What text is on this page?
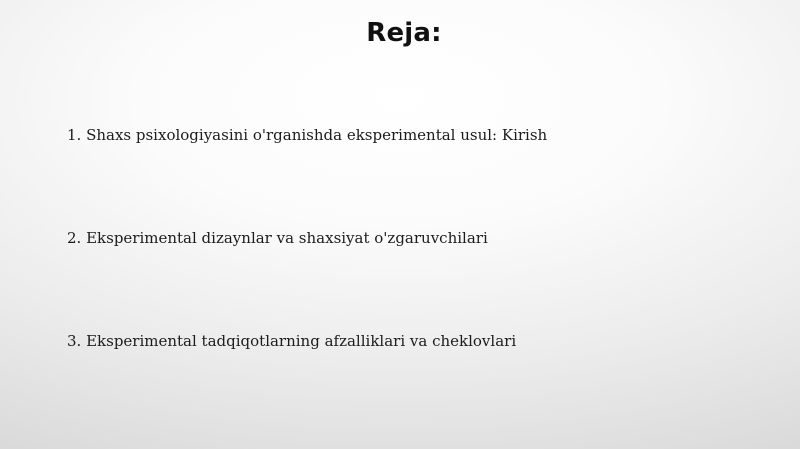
Reja:
1. Shaxs psixologiyasini o'rganishda eksperimental usul: Kirish
2. Eksperimental dizaynlar va shaxsiyat o'zgaruvchilari
3. Eksperimental tadqiqotlarning afzalliklari va cheklovlari
